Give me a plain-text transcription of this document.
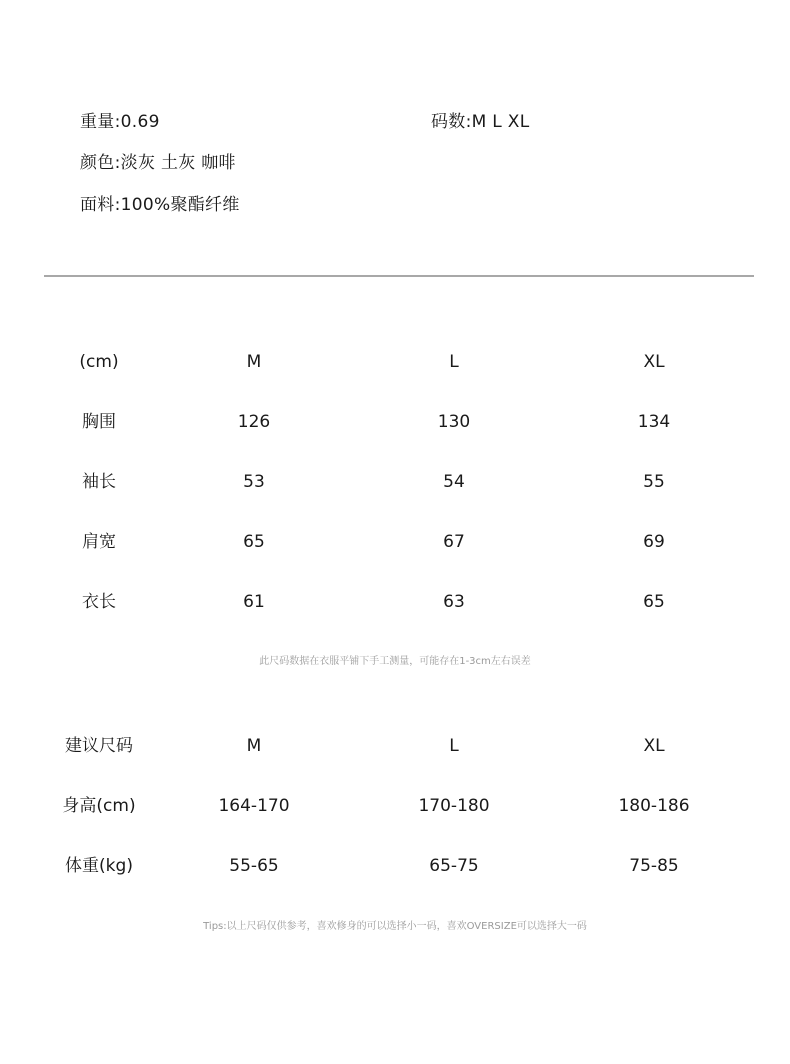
重量:0.69	码数:M L XL
颜色:淡灰 土灰 咖啡
面料:100%聚酯纤维
(cm)	M	L	XL
胸围	126	130	134
袖长	53	54	55
肩宽	65	67	69
衣长	61	63	65
此尺码数据在衣服平铺下手工测量，可能存在1-3cm左右误差
建议尺码	M	L	XL
身高(cm)	164-170	170-180	180-186
体重(kg)	55-65	65-75	75-85
Tips:以上尺码仅供参考，喜欢修身的可以选择小一码，喜欢OVERSIZE可以选择大一码
